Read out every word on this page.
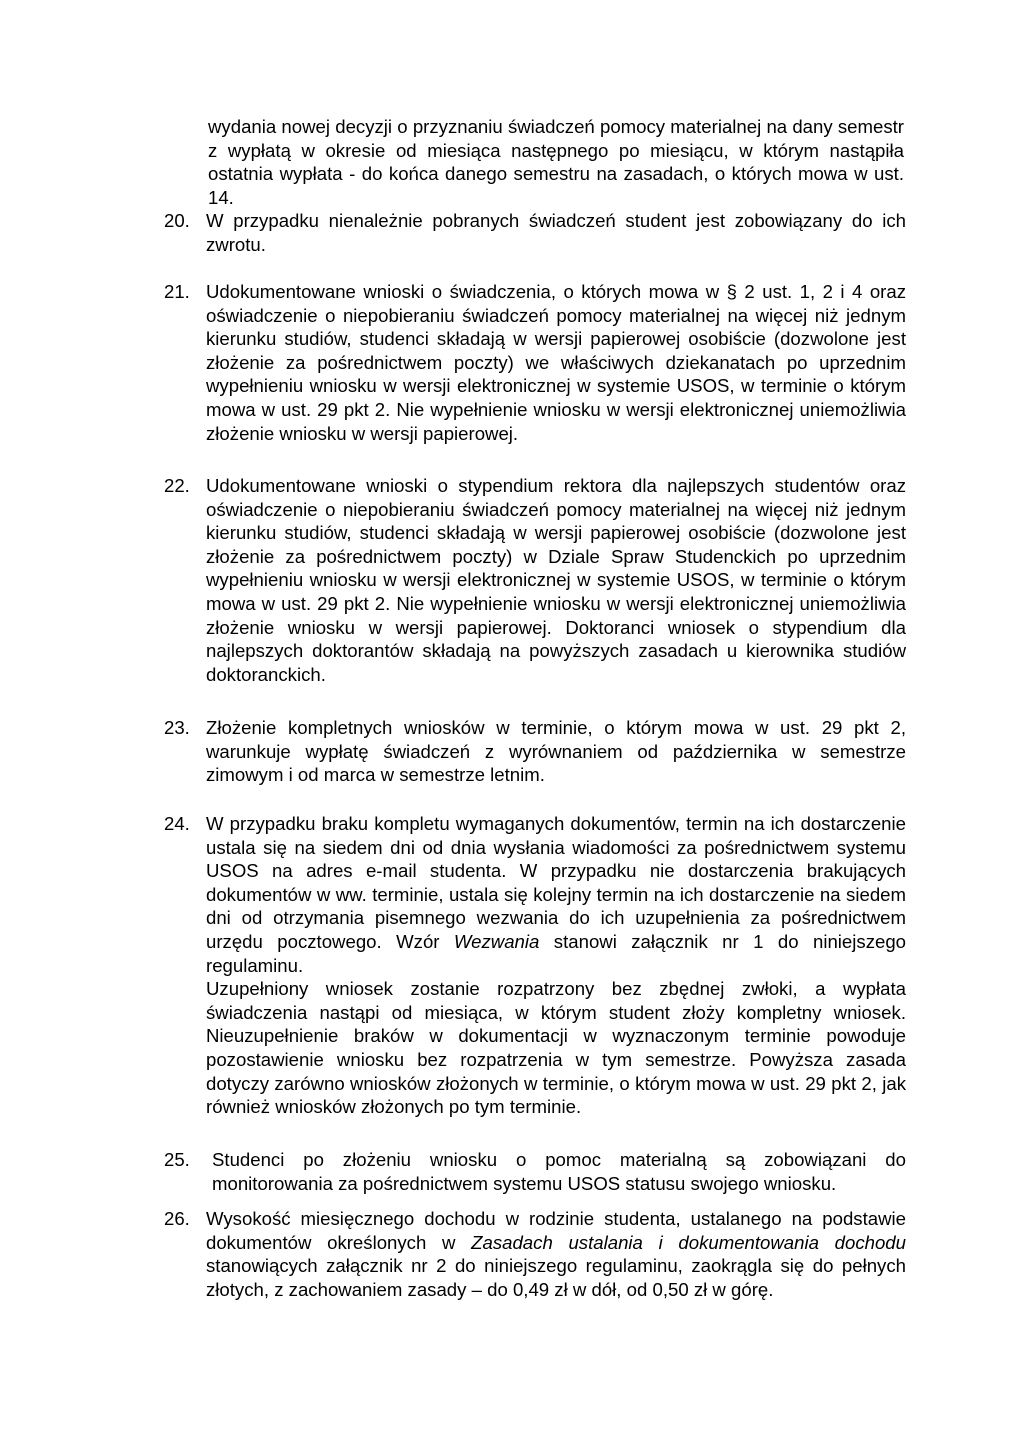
wydania nowej decyzji o przyznaniu świadczeń pomocy materialnej na dany semestr z wypłatą w okresie od miesiąca następnego po miesiącu, w którym nastąpiła ostatnia wypłata - do końca danego semestru na zasadach, o których mowa w ust. 14.

20. W przypadku nienależnie pobranych świadczeń student jest zobowiązany do ich zwrotu.

21. Udokumentowane wnioski o świadczenia, o których mowa w § 2 ust. 1, 2 i 4 oraz oświadczenie o niepobieraniu świadczeń pomocy materialnej na więcej niż jednym kierunku studiów, studenci składają w wersji papierowej osobiście (dozwolone jest złożenie za pośrednictwem poczty) we właściwych dziekanatach po uprzednim wypełnieniu wniosku w wersji elektronicznej w systemie USOS, w terminie o którym mowa w ust. 29 pkt 2. Nie wypełnienie wniosku w wersji elektronicznej uniemożliwia złożenie wniosku w wersji papierowej.

22. Udokumentowane wnioski o stypendium rektora dla najlepszych studentów oraz oświadczenie o niepobieraniu świadczeń pomocy materialnej na więcej niż jednym kierunku studiów, studenci składają w wersji papierowej osobiście (dozwolone jest złożenie za pośrednictwem poczty) w Dziale Spraw Studenckich po uprzednim wypełnieniu wniosku w wersji elektronicznej w systemie USOS, w terminie o którym mowa w ust. 29 pkt 2. Nie wypełnienie wniosku w wersji elektronicznej uniemożliwia złożenie wniosku w wersji papierowej. Doktoranci wniosek o stypendium dla najlepszych doktorantów składają na powyższych zasadach u kierownika studiów doktoranckich.

23. Złożenie kompletnych wniosków w terminie, o którym mowa w ust. 29 pkt 2, warunkuje wypłatę świadczeń z wyrównaniem od października w semestrze zimowym i od marca w semestrze letnim.

24. W przypadku braku kompletu wymaganych dokumentów, termin na ich dostarczenie ustala się na siedem dni od dnia wysłania wiadomości za pośrednictwem systemu USOS na adres e-mail studenta. W przypadku nie dostarczenia brakujących dokumentów w ww. terminie, ustala się kolejny termin na ich dostarczenie na siedem dni od otrzymania pisemnego wezwania do ich uzupełnienia za pośrednictwem urzędu pocztowego. Wzór Wezwania stanowi załącznik nr 1 do niniejszego regulaminu.

Uzupełniony wniosek zostanie rozpatrzony bez zbędnej zwłoki, a wypłata świadczenia nastąpi od miesiąca, w którym student złoży kompletny wniosek. Nieuzupełnienie braków w dokumentacji w wyznaczonym terminie powoduje pozostawienie wniosku bez rozpatrzenia w tym semestrze. Powyższa zasada dotyczy zarówno wniosków złożonych w terminie, o którym mowa w ust. 29 pkt 2, jak również wniosków złożonych po tym terminie.

25.	Studenci po złożeniu wniosku o pomoc materialną są zobowiązani do monitorowania za pośrednictwem systemu USOS statusu swojego wniosku.

26. Wysokość miesięcznego dochodu w rodzinie studenta, ustalanego na podstawie dokumentów określonych w Zasadach ustalania i dokumentowania dochodu stanowiących załącznik nr 2 do niniejszego regulaminu, zaokrągla się do pełnych złotych, z zachowaniem zasady – do 0,49 zł w dół, od 0,50 zł w górę.
